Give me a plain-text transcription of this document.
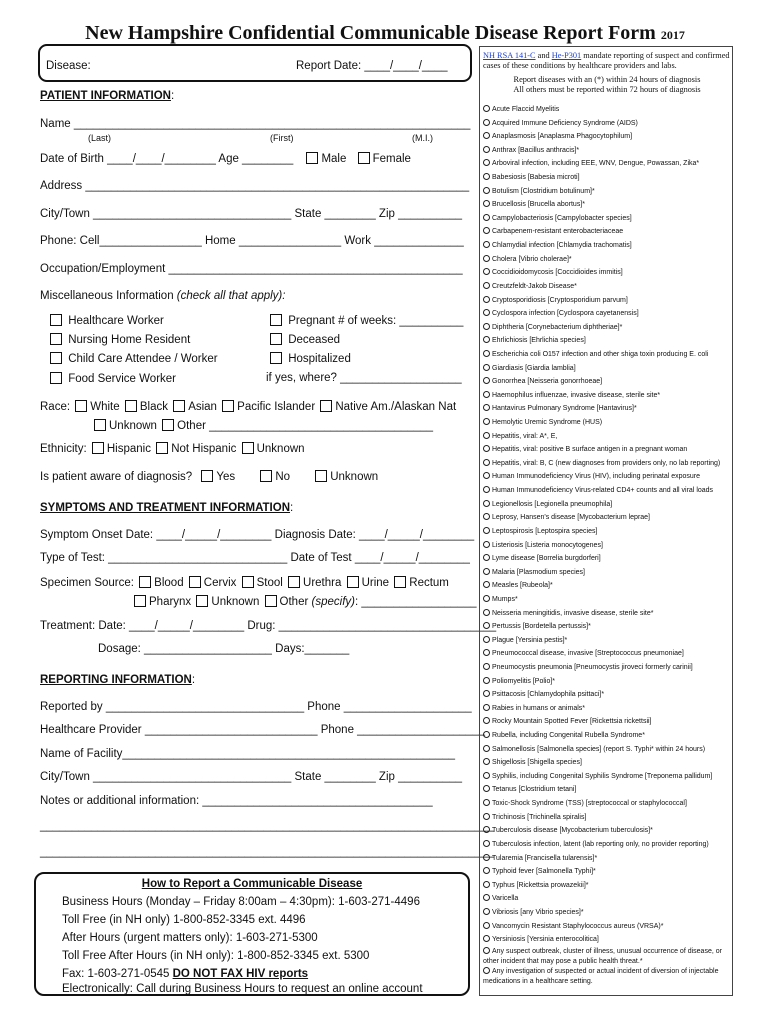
New Hampshire Confidential Communicable Disease Report Form 2017
Disease:	Report Date: ____/____/____
PATIENT INFORMATION:
Name ______________________________________________________________
(Last)	(First)	(M.I.)
Date of Birth ____/____/________ Age ________ Male Female
Address ____________________________________________________________
City/Town _______________________________ State ________ Zip __________
Phone: Cell________________ Home ________________ Work ______________
Occupation/Employment ______________________________________________
Miscellaneous Information (check all that apply):
Healthcare Worker	Pregnant # of weeks: __________
Nursing Home Resident	Deceased
Child Care Attendee / Worker	Hospitalized
Food Service Worker	if yes, where? ___________________
Race: White Black Asian Pacific Islander Native Am./Alaskan Nat
Unknown Other ___________________________________
Ethnicity: Hispanic Not Hispanic Unknown
Is patient aware of diagnosis? Yes	No	Unknown
SYMPTOMS AND TREATMENT INFORMATION:
Symptom Onset Date: ____/_____/________ Diagnosis Date: ____/_____/________
Type of Test: ____________________________ Date of Test ____/_____/________
Specimen Source: Blood Cervix Stool Urethra Urine Rectum
Pharynx Unknown Other (specify): __________________
Treatment: Date: ____/_____/________ Drug: __________________________________
Dosage: ____________________ Days:_______
REPORTING INFORMATION:
Reported by _______________________________ Phone ____________________
Healthcare Provider ___________________________ Phone ____________________
Name of Facility____________________________________________________
City/Town _______________________________ State ________ Zip __________
Notes or additional information: ____________________________________
_______________________________________________________________________
_______________________________________________________________________
How to Report a Communicable Disease
Business Hours (Monday – Friday 8:00am – 4:30pm): 1-603-271-4496
Toll Free (in NH only) 1-800-852-3345 ext. 4496
After Hours (urgent matters only): 1-603-271-5300
Toll Free After Hours (in NH only): 1-800-852-3345 ext. 5300
Fax: 1-603-271-0545 DO NOT FAX HIV reports
Electronically: Call during Business Hours to request an online account
NH RSA 141-C and He-P301 mandate reporting of suspect and confirmed cases of these conditions by healthcare providers and labs.
Report diseases with an (*) within 24 hours of diagnosis
All others must be reported within 72 hours of diagnosis
Acute Flaccid Myelitis
Acquired Immune Deficiency Syndrome (AIDS)
Anaplasmosis [Anaplasma Phagocytophilum]
Anthrax [Bacillus anthracis]*
Arboviral infection, including EEE, WNV, Dengue, Powassan, Zika*
Babesiosis [Babesia microti]
Botulism [Clostridium botulinum]*
Brucellosis [Brucella abortus]*
Campylobacteriosis [Campylobacter species]
Carbapenem-resistant enterobacteriaceae
Chlamydial infection [Chlamydia trachomatis]
Cholera [Vibrio cholerae]*
Coccidioidomycosis [Coccidioides immitis]
Creutzfeldt-Jakob Disease*
Cryptosporidiosis [Cryptosporidium parvum]
Cyclospora infection [Cyclospora cayetanensis]
Diphtheria [Corynebacterium diphtheriae]*
Ehrlichiosis [Ehrlichia species]
Escherichia coli O157 infection and other shiga toxin producing E. coli
Giardiasis [Giardia lamblia]
Gonorrhea [Neisseria gonorrhoeae]
Haemophilus influenzae, invasive disease, sterile site*
Hantavirus Pulmonary Syndrome [Hantavirus]*
Hemolytic Uremic Syndrome (HUS)
Hepatitis, viral: A*, E,
Hepatitis, viral: positive B surface antigen in a pregnant woman
Hepatitis, viral: B, C (new diagnoses from providers only, no lab reporting)
Human Immunodeficiency Virus (HIV), including perinatal exposure
Human Immunodeficiency Virus-related CD4+ counts and all viral loads
Legionellosis [Legionella pneumophila]
Leprosy, Hansen's disease [Mycobacterium leprae]
Leptospirosis [Leptospira species]
Listeriosis [Listeria monocytogenes]
Lyme disease [Borrelia burgdorferi]
Malaria [Plasmodium species]
Measles [Rubeola]*
Mumps*
Neisseria meningitidis, invasive disease, sterile site*
Pertussis [Bordetella pertussis]*
Plague [Yersinia pestis]*
Pneumococcal disease, invasive [Streptococcus pneumoniae]
Pneumocystis pneumonia [Pneumocystis jiroveci formerly carinii]
Poliomyelitis [Polio]*
Psittacosis [Chlamydophila psittaci]*
Rabies in humans or animals*
Rocky Mountain Spotted Fever [Rickettsia rickettsii]
Rubella, including Congenital Rubella Syndrome*
Salmonellosis [Salmonella species] (report S. Typhi* within 24 hours)
Shigellosis [Shigella species]
Syphilis, including Congenital Syphilis Syndrome [Treponema pallidum]
Tetanus [Clostridium tetani]
Toxic-Shock Syndrome (TSS) [streptococcal or staphylococcal]
Trichinosis [Trichinella spiralis]
Tuberculosis disease [Mycobacterium tuberculosis]*
Tuberculosis infection, latent (lab reporting only, no provider reporting)
Tularemia [Francisella tularensis]*
Typhoid fever [Salmonella Typhi]*
Typhus [Rickettsia prowazekii]*
Varicella
Vibriosis [any Vibrio species]*
Vancomycin Resistant Staphylococcus aureus (VRSA)*
Yersiniosis [Yersinia enterocolitica]
Any suspect outbreak, cluster of illness, unusual occurrence of disease, or other incident that may pose a public health threat.*
Any investigation of suspected or actual incident of diversion of injectable medications in a healthcare setting.
